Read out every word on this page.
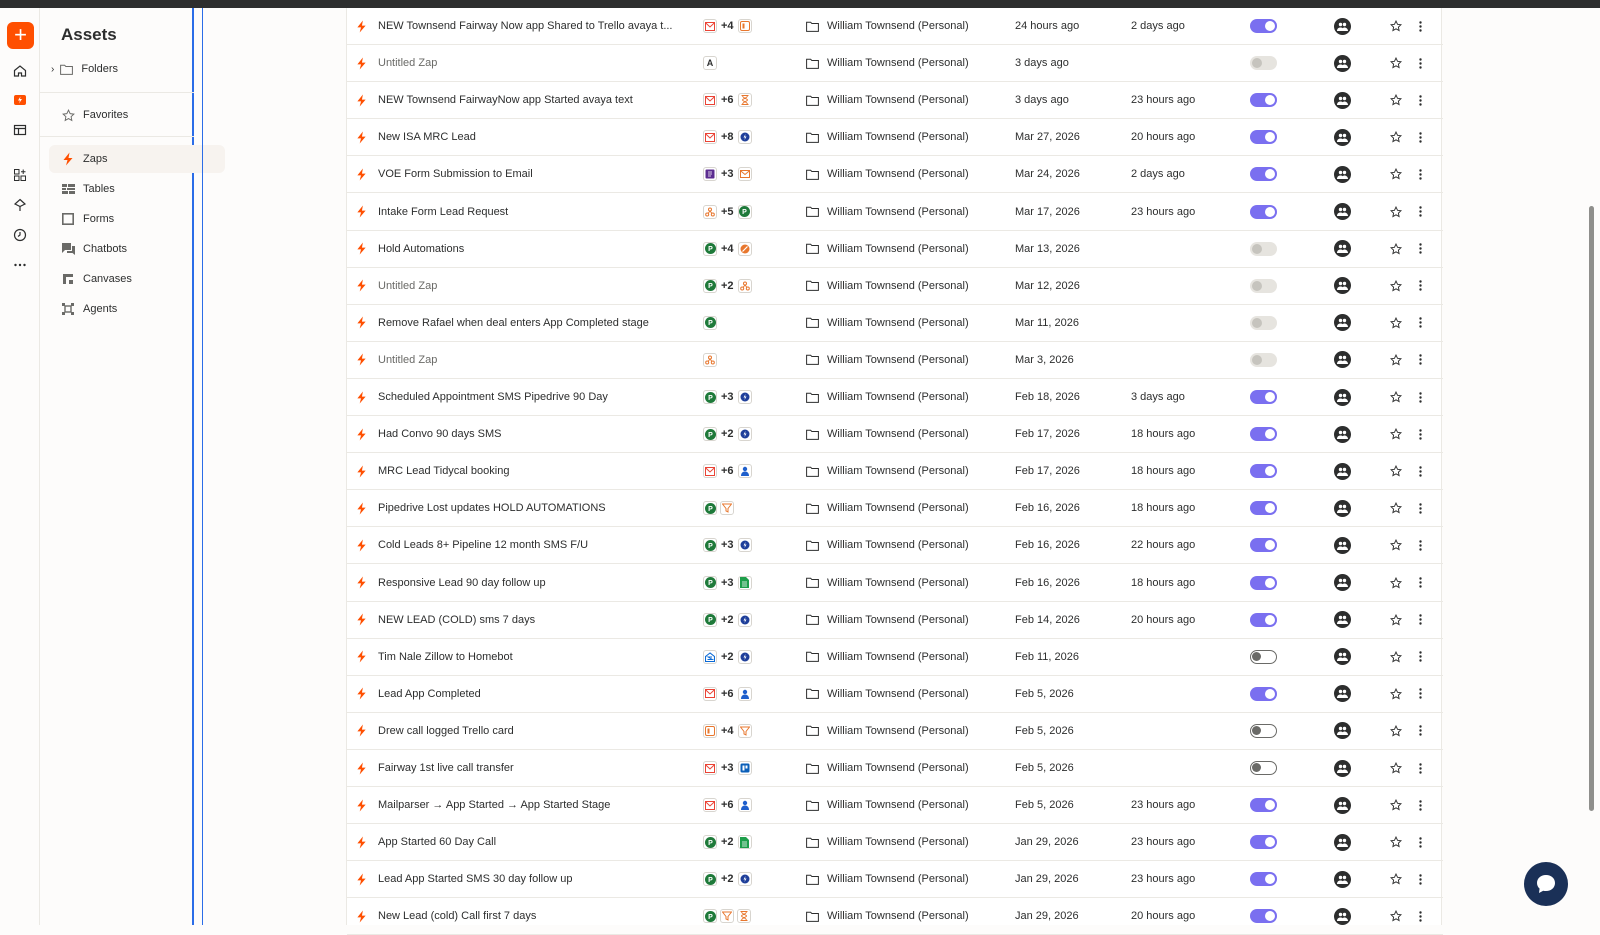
+	Assets
› Folders
Favorites
Zaps
Tables
Forms
Chatbots
Canvases
Agents
NEW Townsend Fairway Now app Shared to Trello avaya t...	+4	William Townsend (Personal)	24 hours ago	2 days ago
Untitled Zap	A	William Townsend (Personal)	3 days ago
NEW Townsend FairwayNow app Started avaya text	+6	William Townsend (Personal)	3 days ago	23 hours ago
New ISA MRC Lead	+8	William Townsend (Personal)	Mar 27, 2026	20 hours ago
VOE Form Submission to Email	+3	William Townsend (Personal)	Mar 24, 2026	2 days ago
Intake Form Lead Request	+5 P	William Townsend (Personal)	Mar 17, 2026	23 hours ago
Hold Automations	P +4	William Townsend (Personal)	Mar 13, 2026
Untitled Zap	P +2	William Townsend (Personal)	Mar 12, 2026
Remove Rafael when deal enters App Completed stage	P	William Townsend (Personal)	Mar 11, 2026
Untitled Zap	William Townsend (Personal)	Mar 3, 2026
Scheduled Appointment SMS Pipedrive 90 Day	P +3	William Townsend (Personal)	Feb 18, 2026	3 days ago
Had Convo 90 days SMS	P +2	William Townsend (Personal)	Feb 17, 2026	18 hours ago
MRC Lead Tidycal booking	+6	William Townsend (Personal)	Feb 17, 2026	18 hours ago
Pipedrive Lost updates HOLD AUTOMATIONS	P	William Townsend (Personal)	Feb 16, 2026	18 hours ago
Cold Leads 8+ Pipeline 12 month SMS F/U	P +3	William Townsend (Personal)	Feb 16, 2026	22 hours ago
Responsive Lead 90 day follow up	P +3	William Townsend (Personal)	Feb 16, 2026	18 hours ago
NEW LEAD (COLD) sms 7 days	P +2	William Townsend (Personal)	Feb 14, 2026	20 hours ago
Tim Nale Zillow to Homebot	+2	William Townsend (Personal)	Feb 11, 2026
Lead App Completed	+6	William Townsend (Personal)	Feb 5, 2026
Drew call logged Trello card	+4	William Townsend (Personal)	Feb 5, 2026
Fairway 1st live call transfer	+3	William Townsend (Personal)	Feb 5, 2026
Mailparser → App Started → App Started Stage	+6	William Townsend (Personal)	Feb 5, 2026	23 hours ago
App Started 60 Day Call	P +2	William Townsend (Personal)	Jan 29, 2026	23 hours ago
Lead App Started SMS 30 day follow up	P +2	William Townsend (Personal)	Jan 29, 2026	23 hours ago
New Lead (cold) Call first 7 days	P	William Townsend (Personal)	Jan 29, 2026	20 hours ago
